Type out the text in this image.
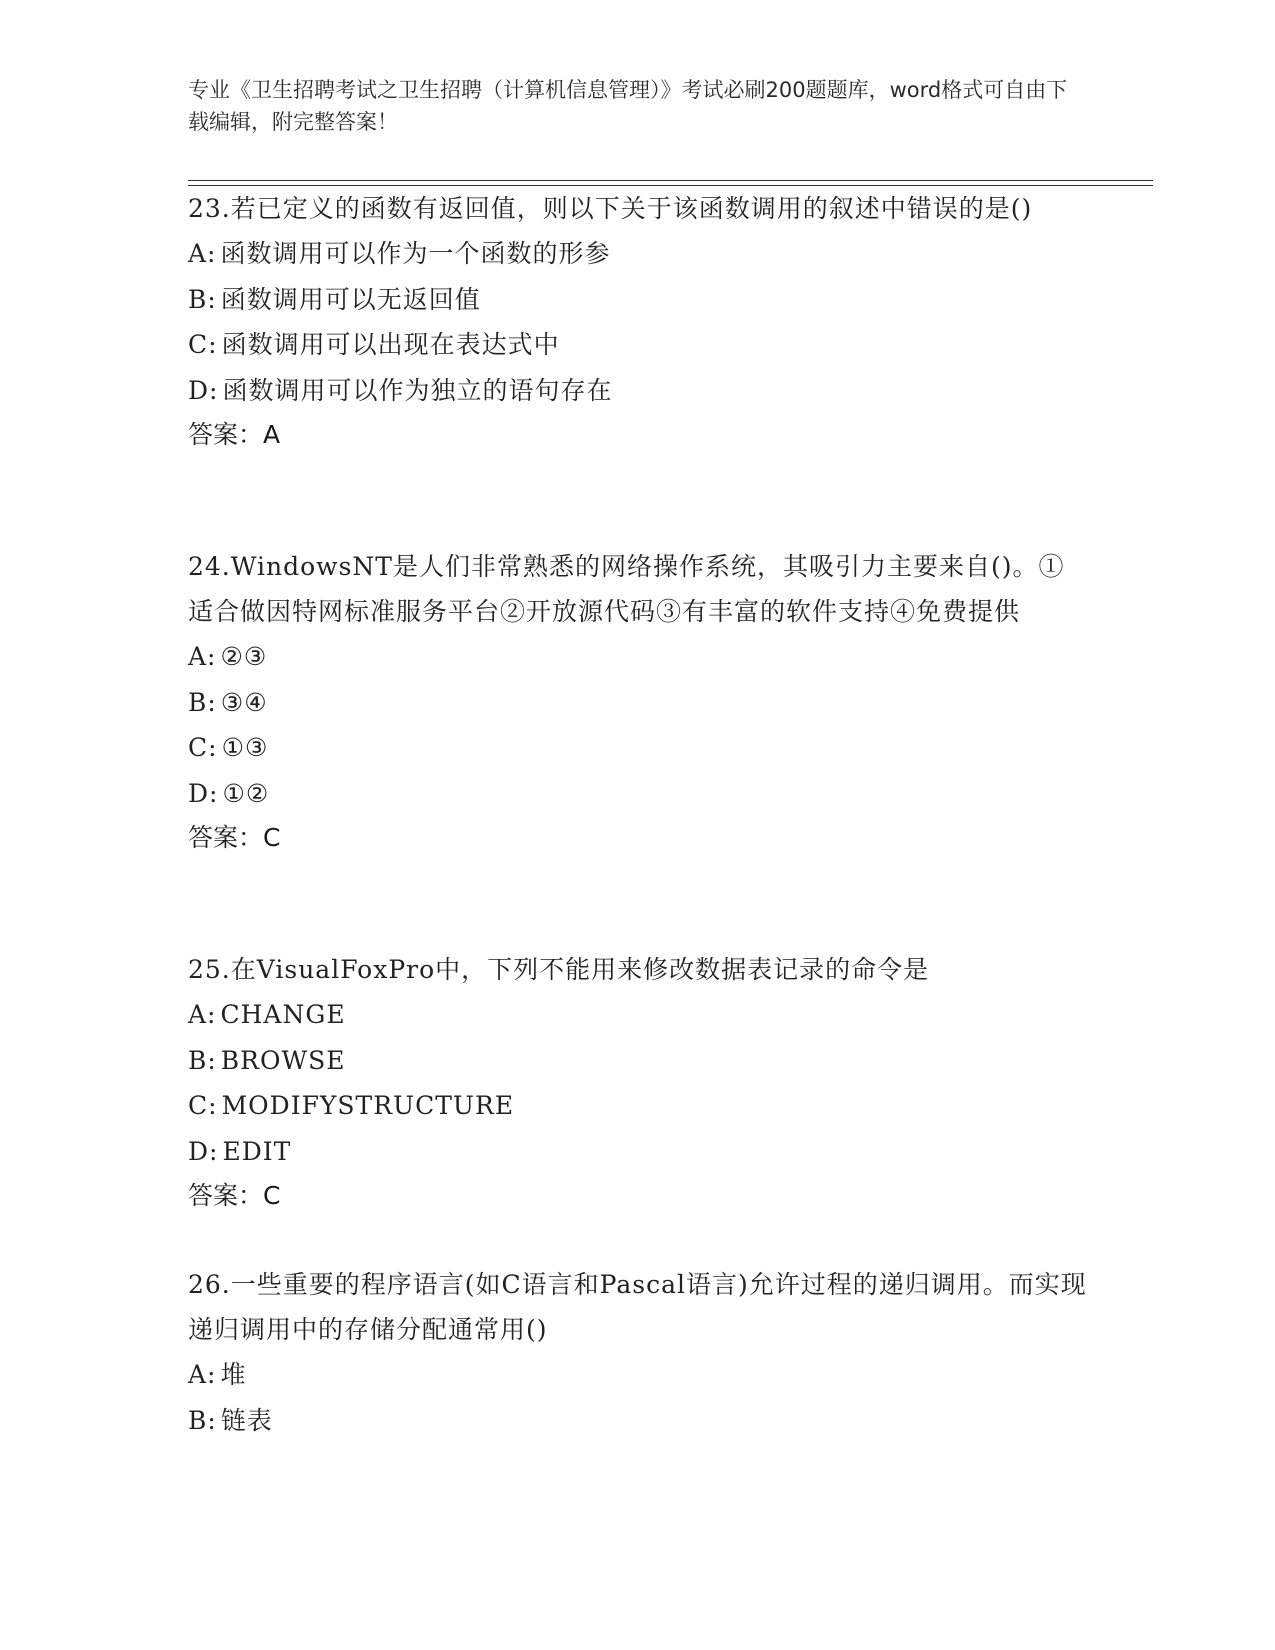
专业《卫生招聘考试之卫生招聘（计算机信息管理）》考试必刷200题题库，word格式可自由下载编辑，附完整答案！
23.若已定义的函数有返回值，则以下关于该函数调用的叙述中错误的是()
A: 函数调用可以作为一个函数的形参
B: 函数调用可以无返回值
C: 函数调用可以出现在表达式中
D: 函数调用可以作为独立的语句存在
答案：A
24.WindowsNT是人们非常熟悉的网络操作系统，其吸引力主要来自()。①适合做因特网标准服务平台②开放源代码③有丰富的软件支持④免费提供
A: ②③
B: ③④
C: ①③
D: ①②
答案：C
25.在VisualFoxPro中，下列不能用来修改数据表记录的命令是
A: CHANGE
B: BROWSE
C: MODIFYSTRUCTURE
D: EDIT
答案：C
26.一些重要的程序语言(如C语言和Pascal语言)允许过程的递归调用。而实现递归调用中的存储分配通常用()
A: 堆
B: 链表
